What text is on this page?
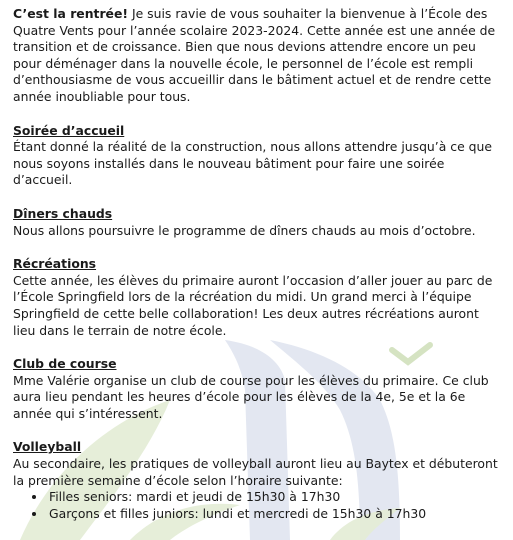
C’est la rentrée! Je suis ravie de vous souhaiter la bienvenue à l’École des Quatre Vents pour l’année scolaire 2023-2024. Cette année est une année de transition et de croissance. Bien que nous devions attendre encore un peu pour déménager dans la nouvelle école, le personnel de l’école est rempli d’enthousiasme de vous accueillir dans le bâtiment actuel et de rendre cette année inoubliable pour tous.

Soirée d’accueil

Étant donné la réalité de la construction, nous allons attendre jusqu’à ce que nous soyons installés dans le nouveau bâtiment pour faire une soirée d’accueil.

Dîners chauds

Nous allons poursuivre le programme de dîners chauds au mois d’octobre.

Récréations

Cette année, les élèves du primaire auront l’occasion d’aller jouer au parc de l’École Springfield lors de la récréation du midi. Un grand merci à l’équipe Springfield de cette belle collaboration! Les deux autres récréations auront lieu dans le terrain de notre école.

Club de course

Mme Valérie organise un club de course pour les élèves du primaire. Ce club aura lieu pendant les heures d’école pour les élèves de la 4e, 5e et la 6e année qui s’intéressent.

Volleyball

Au secondaire, les pratiques de volleyball auront lieu au Baytex et débuteront la première semaine d’école selon l’horaire suivante:

• Filles seniors: mardi et jeudi de 15h30 à 17h30
• Garçons et filles juniors: lundi et mercredi de 15h30 à 17h30
